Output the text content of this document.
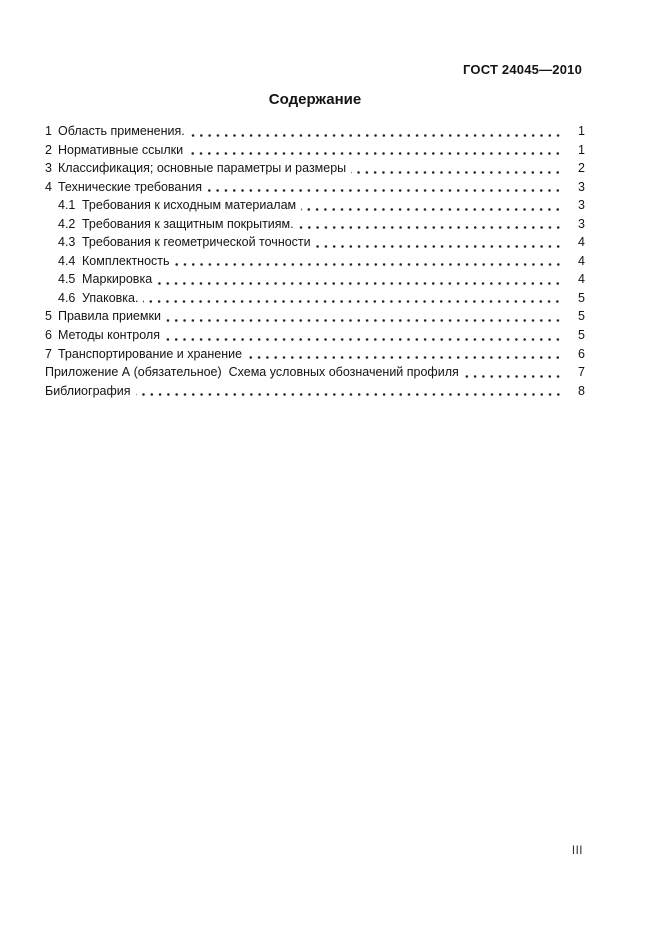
ГОСТ 24045—2010
Содержание
1 Область применения.	1
2 Нормативные ссылки	1
3 Классификация; основные параметры и размеры	2
4 Технические требования	3
4.1 Требования к исходным материалам	3
4.2 Требования к защитным покрытиям.	3
4.3 Требования к геометрической точности	4
4.4 Комплектность	4
4.5 Маркировка	4
4.6 Упаковка.	5
5 Правила приемки	5
6 Методы контроля	5
7 Транспортирование и хранение	6
Приложение А (обязательное)  Схема условных обозначений профиля	7
Библиография	8
III
